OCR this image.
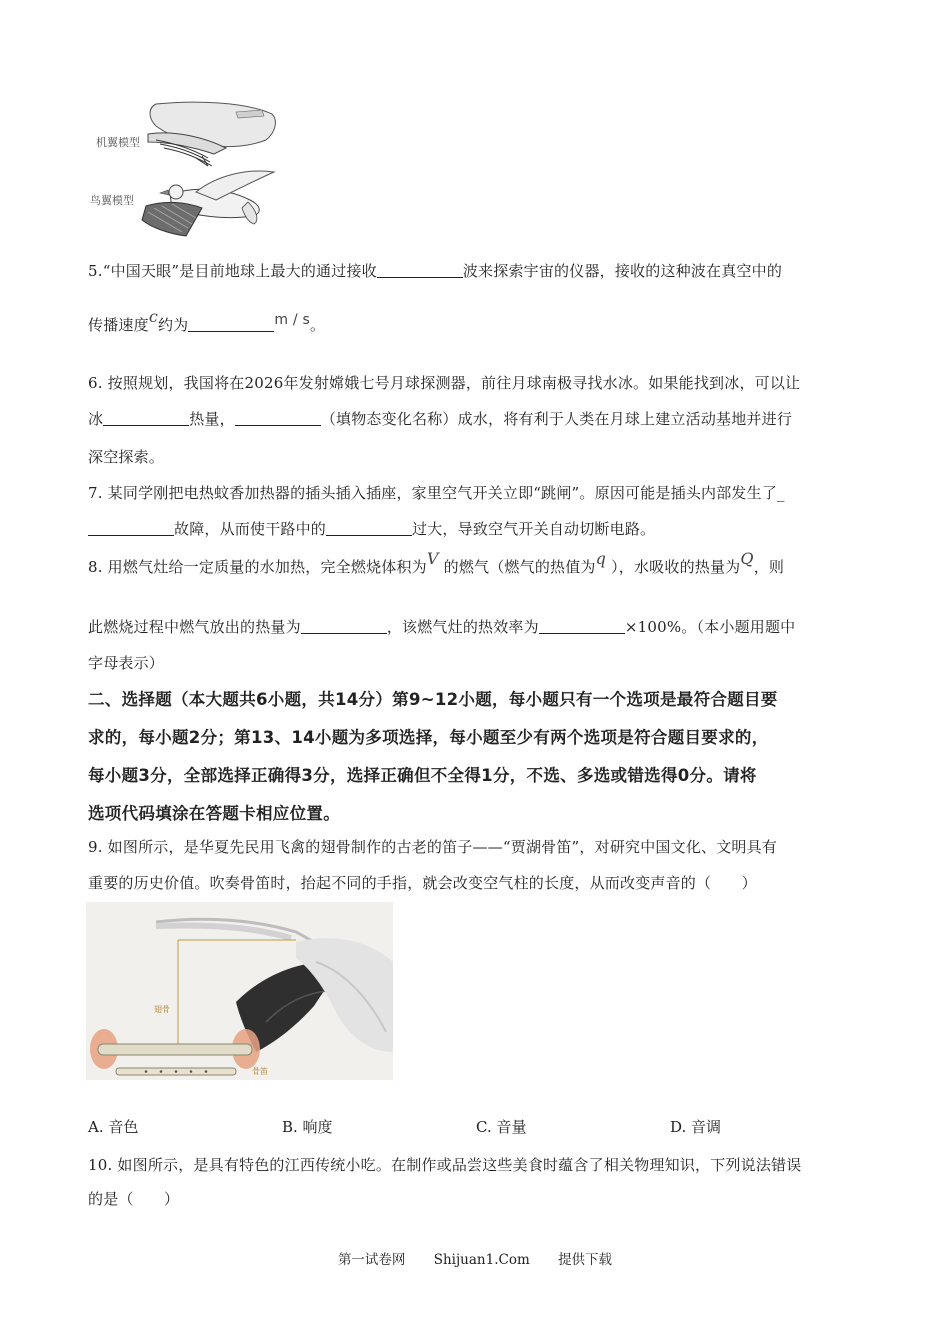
机翼模型
鸟翼模型
5.“中国天眼”是目前地球上最大的通过接收	波来探索宇宙的仪器，接收的这种波在真空中的
传播速度c约为	m / s。
6. 按照规划，我国将在2026年发射嫦娥七号月球探测器，前往月球南极寻找水冰。如果能找到冰，可以让
冰	热量，	（填物态变化名称）成水，将有利于人类在月球上建立活动基地并进行
深空探索。
7. 某同学刚把电热蚊香加热器的插头插入插座，家里空气开关立即“跳闸”。原因可能是插头内部发生了_
故障，从而使干路中的	过大，导致空气开关自动切断电路。
8. 用燃气灶给一定质量的水加热，完全燃烧体积为V 的燃气（燃气的热值为q ），水吸收的热量为Q，则
此燃烧过程中燃气放出的热量为	，该燃气灶的热效率为	×100%。（本小题用题中
字母表示）
二、选择题（本大题共6小题，共14分）第9~12小题，每小题只有一个选项是最符合题目要
求的，每小题2分；第13、14小题为多项选择，每小题至少有两个选项是符合题目要求的，
每小题3分，全部选择正确得3分，选择正确但不全得1分，不选、多选或错选得0分。请将
选项代码填涂在答题卡相应位置。
9. 如图所示，是华夏先民用飞禽的翅骨制作的古老的笛子——“贾湖骨笛”，对研究中国文化、文明具有
重要的历史价值。吹奏骨笛时，抬起不同的手指，就会改变空气柱的长度，从而改变声音的（　　）
翅骨
骨笛
A. 音色	B. 响度	C. 音量	D. 音调
10. 如图所示，是具有特色的江西传统小吃。在制作或品尝这些美食时蕴含了相关物理知识，下列说法错误
的是（　　）
第一试卷网 Shijuan1.Com 提供下载
